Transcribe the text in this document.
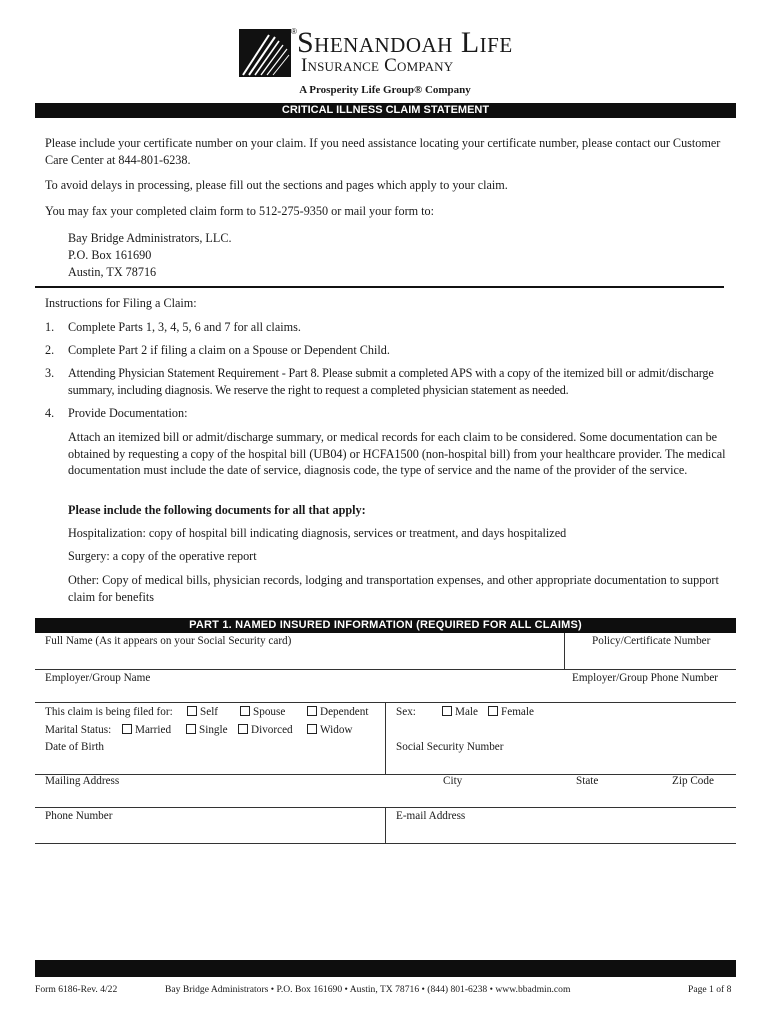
® Shenandoah Life
Insurance Company
A Prosperity Life Group® Company
CRITICAL ILLNESS CLAIM STATEMENT
Please include your certificate number on your claim. If you need assistance locating your certificate number, please contact our Customer Care Center at 844-801-6238.
To avoid delays in processing, please fill out the sections and pages which apply to your claim.
You may fax your completed claim form to 512-275-9350 or mail your form to:
Bay Bridge Administrators, LLC.
P.O. Box 161690
Austin, TX 78716
Instructions for Filing a Claim:
1. Complete Parts 1, 3, 4, 5, 6 and 7 for all claims.
2. Complete Part 2 if filing a claim on a Spouse or Dependent Child.
3. Attending Physician Statement Requirement - Part 8. Please submit a completed APS with a copy of the itemized bill or admit/discharge summary, including diagnosis. We reserve the right to request a completed physician statement as needed.
4. Provide Documentation:
Attach an itemized bill or admit/discharge summary, or medical records for each claim to be considered. Some documentation can be obtained by requesting a copy of the hospital bill (UB04) or HCFA1500 (non-hospital bill) from your healthcare provider. The medical documentation must include the date of service, diagnosis code, the type of service and the name of the provider of the service.
Please include the following documents for all that apply:
Hospitalization: copy of hospital bill indicating diagnosis, services or treatment, and days hospitalized
Surgery: a copy of the operative report
Other: Copy of medical bills, physician records, lodging and transportation expenses, and other appropriate documentation to support claim for benefits
PART 1. NAMED INSURED INFORMATION (REQUIRED FOR ALL CLAIMS)
Full Name (As it appears on your Social Security card)	Policy/Certificate Number
Employer/Group Name	Employer/Group Phone Number
This claim is being filed for:	Self	Spouse	Dependent Sex:	Male	Female
Marital Status:	Married	Single	Divorced	Widow
Date of Birth	Social Security Number
Mailing Address	City	State	Zip Code
Phone Number	E-mail Address
Form 6186-Rev. 4/22	Bay Bridge Administrators • P.O. Box 161690 • Austin, TX 78716 • (844) 801-6238 • www.bbadmin.com	Page 1 of 8
